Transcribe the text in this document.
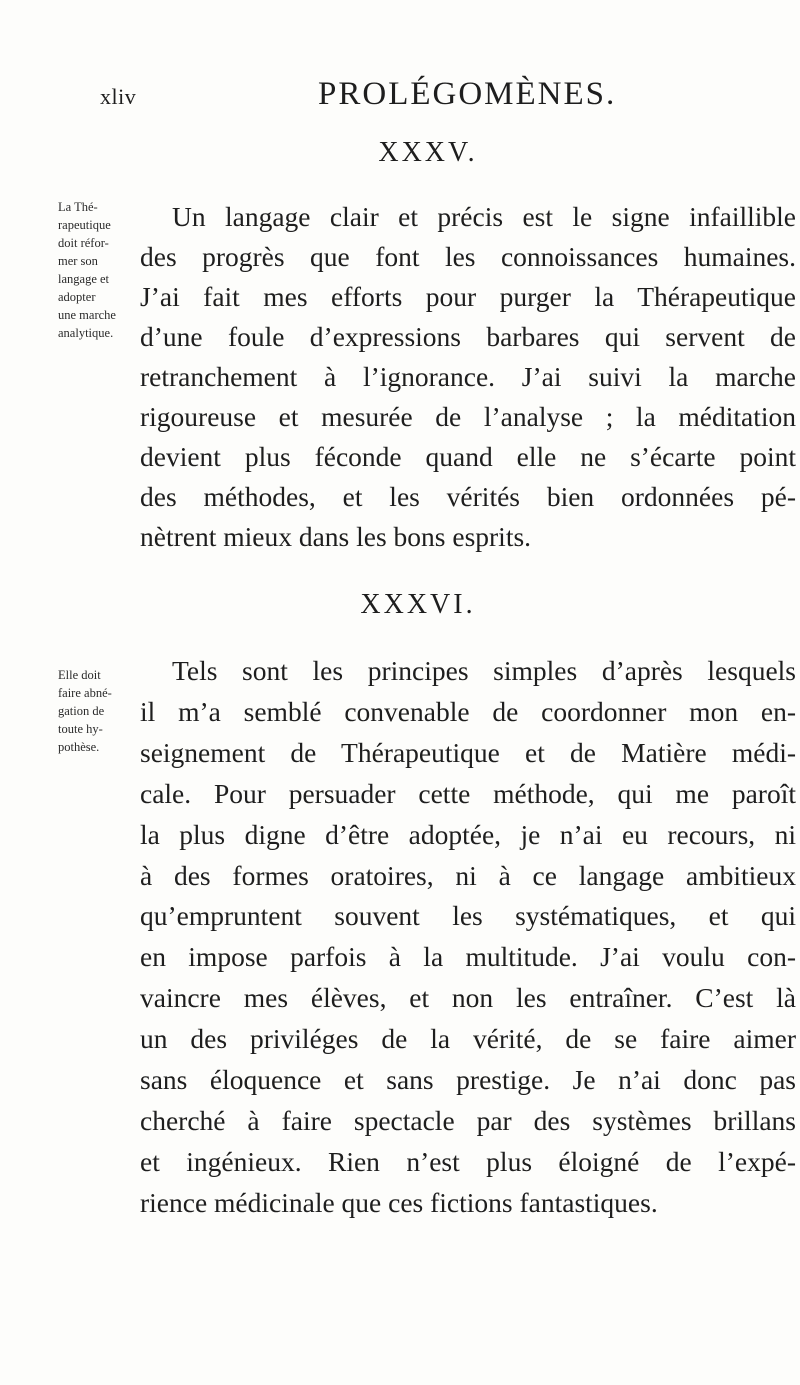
xliv	PROLÉGOMÈNES.
XXXV.
La Thé-
rapeutique
doit réfor-
mer son
langage et
adopter
une marche
analytique.
Un langage clair et précis est le signe infaillible
des progrès que font les connoissances humaines.
J’ai fait mes efforts pour purger la Thérapeutique
d’une foule d’expressions barbares qui servent de
retranchement à l’ignorance. J’ai suivi la marche
rigoureuse et mesurée de l’analyse ; la méditation
devient plus féconde quand elle ne s’écarte point
des méthodes, et les vérités bien ordonnées pé-
nètrent mieux dans les bons esprits.
XXXVI.
Elle doit
faire abné-
gation de
toute hy-
pothèse.
Tels sont les principes simples d’après lesquels
il m’a semblé convenable de coordonner mon en-
seignement de Thérapeutique et de Matière médi-
cale. Pour persuader cette méthode, qui me paroît
la plus digne d’être adoptée, je n’ai eu recours, ni
à des formes oratoires, ni à ce langage ambitieux
qu’empruntent souvent les systématiques, et qui
en impose parfois à la multitude. J’ai voulu con-
vaincre mes élèves, et non les entraîner. C’est là
un des priviléges de la vérité, de se faire aimer
sans éloquence et sans prestige. Je n’ai donc pas
cherché à faire spectacle par des systèmes brillans
et ingénieux. Rien n’est plus éloigné de l’expé-
rience médicinale que ces fictions fantastiques.
